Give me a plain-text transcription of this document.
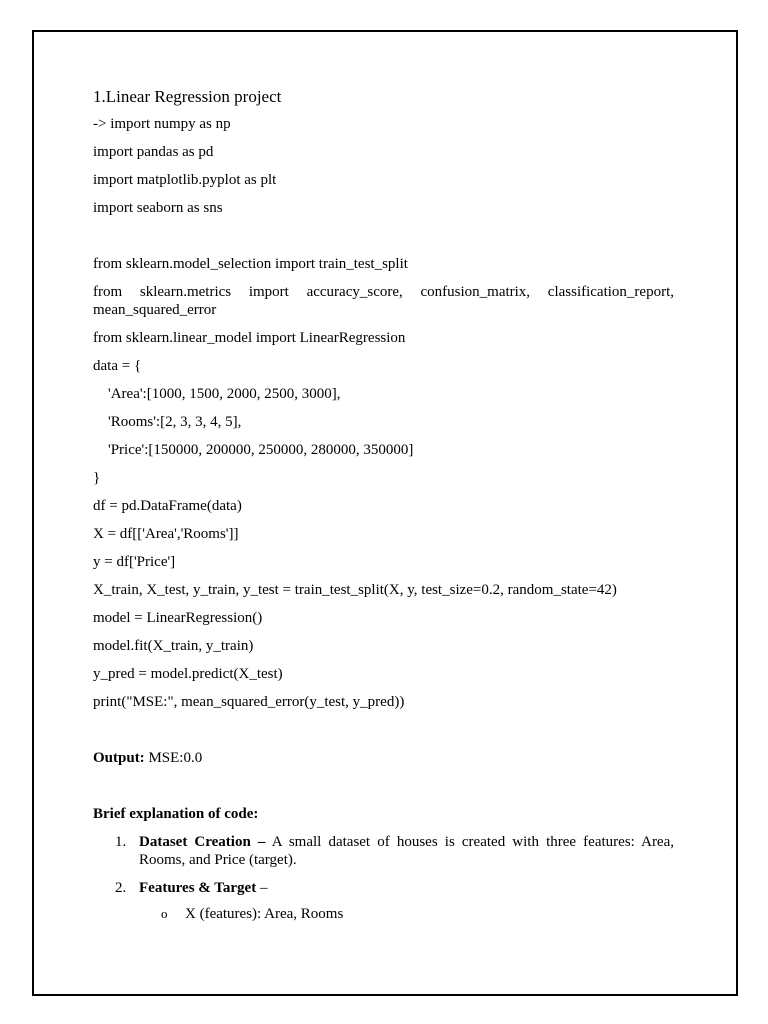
1.Linear Regression project
-> import numpy as np
import pandas as pd
import matplotlib.pyplot as plt
import seaborn as sns
from sklearn.model_selection import train_test_split
from sklearn.metrics import accuracy_score, confusion_matrix, classification_report, mean_squared_error
from sklearn.linear_model import LinearRegression
data = {
'Area':[1000, 1500, 2000, 2500, 3000],
'Rooms':[2, 3, 3, 4, 5],
'Price':[150000, 200000, 250000, 280000, 350000]
}
df = pd.DataFrame(data)
X = df[['Area','Rooms']]
y = df['Price']
X_train, X_test, y_train, y_test = train_test_split(X, y, test_size=0.2, random_state=42)
model = LinearRegression()
model.fit(X_train, y_train)
y_pred = model.predict(X_test)
print("MSE:", mean_squared_error(y_test, y_pred))
Output: MSE:0.0
Brief explanation of code:
1. Dataset Creation – A small dataset of houses is created with three features: Area, Rooms, and Price (target).
2. Features & Target –
o X (features): Area, Rooms
